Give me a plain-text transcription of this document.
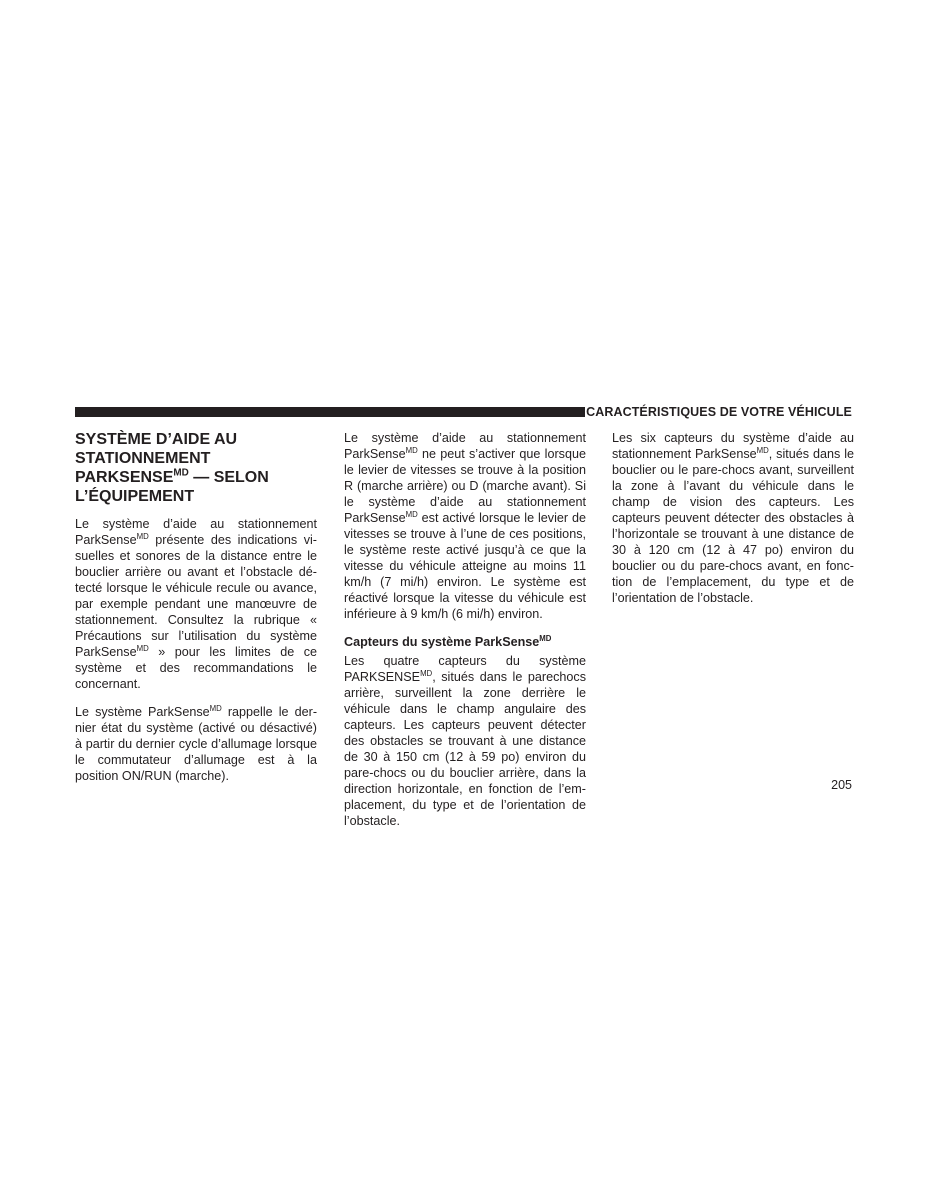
CARACTÉRISTIQUES DE VOTRE VÉHICULE
SYSTÈME D’AIDE AU
STATIONNEMENT
$PARKSENSE^{MD}$ — SELON
L’ÉQUIPEMENT

Le système d’aide au stationnement ParkSense$^{MD}$ présente des indications visuelles et sonores de la distance entre le bouclier arrière ou avant et l’obstacle détecté lorsque le véhicule recule ou avance, par exemple pendant une manœuvre de stationnement. Consultez la rubrique « Précautions sur l’utilisation du système ParkSense$^{MD}$ » pour les limites de ce système et des recommandations le concernant.

Le système ParkSense$^{MD}$ rappelle le dernier état du système (activé ou désactivé) à partir du dernier cycle d’allumage lorsque le commutateur d’allumage est à la position ON/RUN (marche).

Le système d’aide au stationnement ParkSense$^{MD}$ ne peut s’activer que lorsque le levier de vitesses se trouve à la position R (marche arrière) ou D (marche avant). Si le système d’aide au stationnement ParkSense$^{MD}$ est activé lorsque le levier de vitesses se trouve à l’une de ces positions, le système reste activé jusqu’à ce que la vitesse du véhicule atteigne au moins 11 km/h (7 mi/h) environ. Le système est réactivé lorsque la vitesse du véhicule est inférieure à 9 km/h (6 mi/h) environ.

Capteurs du système ParkSense$^{MD}$

Les quatre capteurs du système $PARKSENSE^{MD}$, situés dans le parechocs arrière, surveillent la zone derrière le véhicule dans le champ angulaire des capteurs. Les capteurs peuvent détecter des obstacles se trouvant à une distance de 30 à 150 cm (12 à 59 po) environ du pare-chocs ou du bouclier arrière, dans la direction horizontale, en fonction de l’emplacement, du type et de l’orientation de l’obstacle.

Les six capteurs du système d’aide au stationnement ParkSense$^{MD}$, situés dans le bouclier ou le pare-chocs avant, surveillent la zone à l’avant du véhicule dans le champ de vision des capteurs. Les capteurs peuvent détecter des obstacles à l’horizontale se trouvant à une distance de 30 à 120 cm (12 à 47 po) environ du bouclier ou du pare-chocs avant, en fonction de l’emplacement, du type et de l’orientation de l’obstacle.

205
